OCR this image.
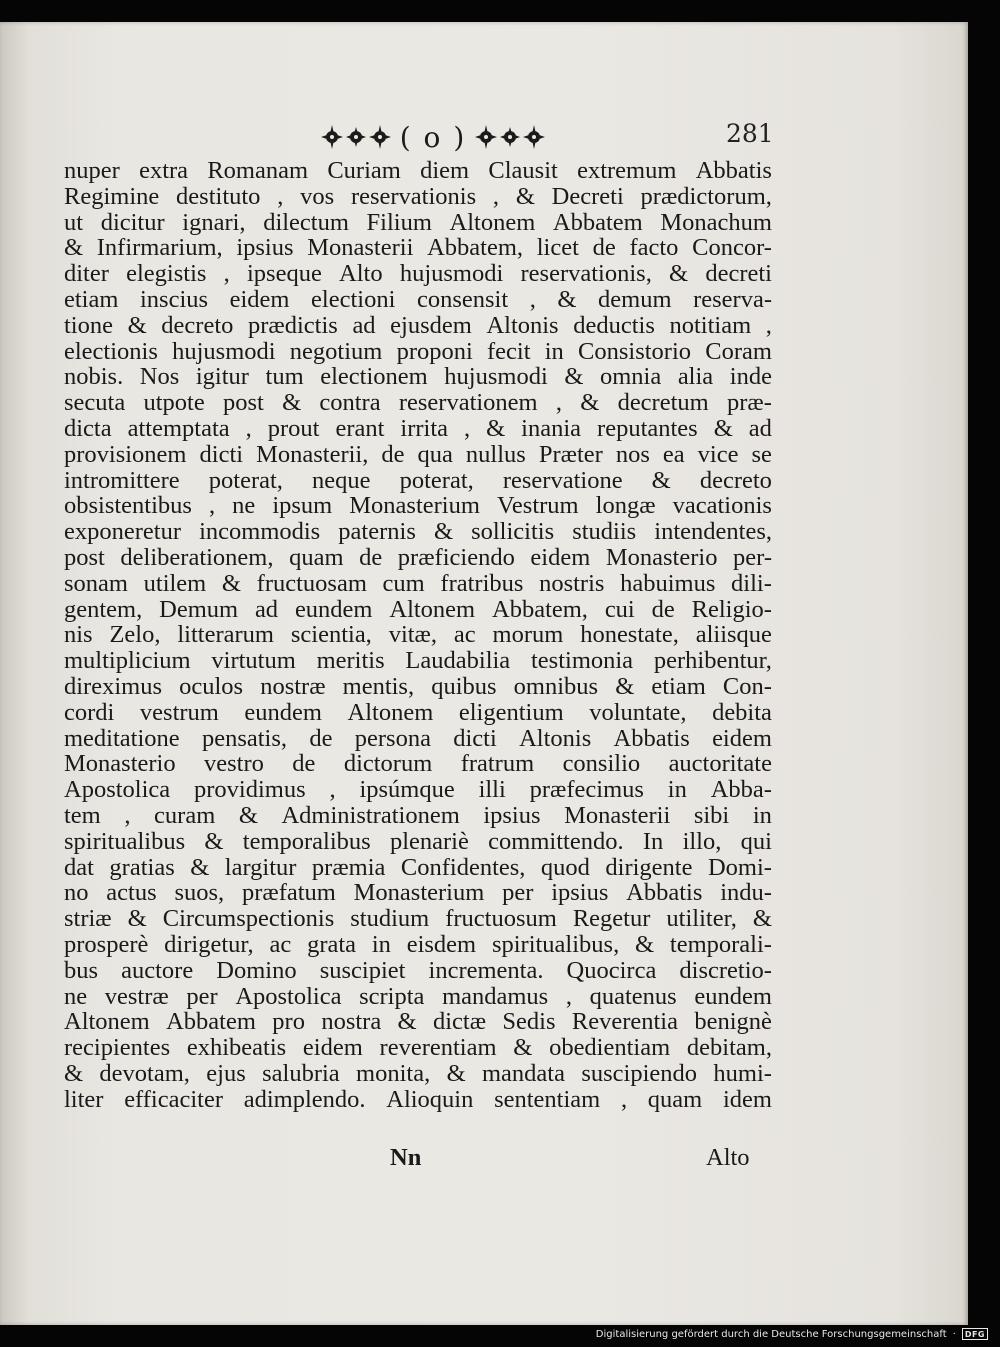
( o )	281
nuper extra Romanam Curiam diem Clausit extremum Abbatis
Regimine destituto , vos reservationis , & Decreti prædictorum,
ut dicitur ignari, dilectum Filium Altonem Abbatem Monachum
& Infirmarium, ipsius Monasterii Abbatem, licet de facto Concor-
diter elegistis , ipseque Alto hujusmodi reservationis, & decreti
etiam inscius eidem electioni consensit , & demum reserva-
tione & decreto prædictis ad ejusdem Altonis deductis notitiam ,
electionis hujusmodi negotium proponi fecit in Consistorio Coram
nobis. Nos igitur tum electionem hujusmodi & omnia alia inde
secuta utpote post & contra reservationem , & decretum præ-
dicta attemptata , prout erant irrita , & inania reputantes & ad
provisionem dicti Monasterii, de qua nullus Præter nos ea vice se
intromittere poterat, neque poterat, reservatione & decreto
obsistentibus , ne ipsum Monasterium Vestrum longæ vacationis
exponeretur incommodis paternis & sollicitis studiis intendentes,
post deliberationem, quam de præficiendo eidem Monasterio per-
sonam utilem & fructuosam cum fratribus nostris habuimus dili-
gentem, Demum ad eundem Altonem Abbatem, cui de Religio-
nis Zelo, litterarum scientia, vitæ, ac morum honestate, aliisque
multiplicium virtutum meritis Laudabilia testimonia perhibentur,
direximus oculos nostræ mentis, quibus omnibus & etiam Con-
cordi vestrum eundem Altonem eligentium voluntate, debita
meditatione pensatis, de persona dicti Altonis Abbatis eidem
Monasterio vestro de dictorum fratrum consilio auctoritate
Apostolica providimus , ipsúmque illi præfecimus in Abba-
tem , curam & Administrationem ipsius Monasterii sibi in
spiritualibus & temporalibus plenariè committendo. In illo, qui
dat gratias & largitur præmia Confidentes, quod dirigente Domi-
no actus suos, præfatum Monasterium per ipsius Abbatis indu-
striæ & Circumspectionis studium fructuosum Regetur utiliter, &
prosperè dirigetur, ac grata in eisdem spiritualibus, & temporali-
bus auctore Domino suscipiet incrementa. Quocirca discretio-
ne vestræ per Apostolica scripta mandamus , quatenus eundem
Altonem Abbatem pro nostra & dictæ Sedis Reverentia benignè
recipientes exhibeatis eidem reverentiam & obedientiam debitam,
& devotam, ejus salubria monita, & mandata suscipiendo humi-
liter efficaciter adimplendo. Alioquin sententiam , quam idem
Nn	Alto
Digitalisierung gefördert durch die Deutsche Forschungsgemeinschaft ·	DFG
